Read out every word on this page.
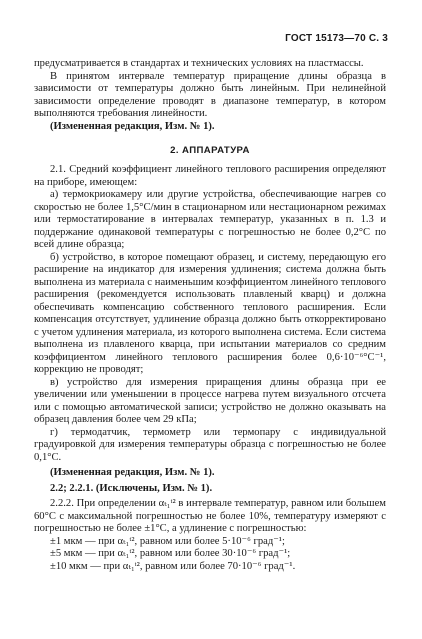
ГОСТ 15173—70 С. 3

предусматривается в стандартах и технических условиях на пластмассы.

В принятом интервале температур приращение длины образца в зависимости от температуры должно быть линейным. При нелинейной зависимости определение проводят в диапазоне температур, в котором выполняются требования линейности.

(Измененная редакция, Изм. № 1).

2. АППАРАТУРА

2.1. Средний коэффициент линейного теплового расширения определяют на приборе, имеющем:

а) термокриокамеру или другие устройства, обеспечивающие нагрев со скоростью не более 1,5°С/мин в стационарном или нестационарном режимах или термостатирование в интервалах температур, указанных в п. 1.3 и поддержание одинаковой температуры с погрешностью не более 0,2°С по всей длине образца;

б) устройство, в которое помещают образец, и систему, передающую его расширение на индикатор для измерения удлинения; система должна быть выполнена из материала с наименьшим коэффициентом линейного теплового расширения (рекомендуется использовать плавленый кварц) и должна обеспечивать компенсацию собственного теплового расширения. Если компенсация отсутствует, удлинение образца должно быть откорректировано с учетом удлинения материала, из которого выполнена система. Если система выполнена из плавленого кварца, при испытании материалов со средним коэффициентом линейного теплового расширения более 0,6·10⁻⁶°С⁻¹, коррекцию не проводят;

в) устройство для измерения приращения длины образца при ее увеличении или уменьшении в процессе нагрева путем визуального отсчета или с помощью автоматической записи; устройство не должно оказывать на образец давления более чем 29 кПа;

г) термодатчик, термометр или термопару с индивидуальной градуировкой для измерения температуры образца с погрешностью не более 0,1°С.

(Измененная редакция, Изм. № 1).

2.2; 2.2.1. (Исключены, Изм. № 1).

2.2.2. При определении αₜ₁ᵗ² в интервале температур, равном или большем 60°С с максимальной погрешностью не более 10%, температуру измеряют с погрешностью не более ±1°С, а удлинение с погрешностью:

±1 мкм — при αₜ₁ᵗ², равном или более 5·10⁻⁶ град⁻¹;

±5 мкм — при αₜ₁ᵗ², равном или более 30·10⁻⁶ град⁻¹;

±10 мкм — при αₜ₁ᵗ², равном или более 70·10⁻⁶ град⁻¹.
